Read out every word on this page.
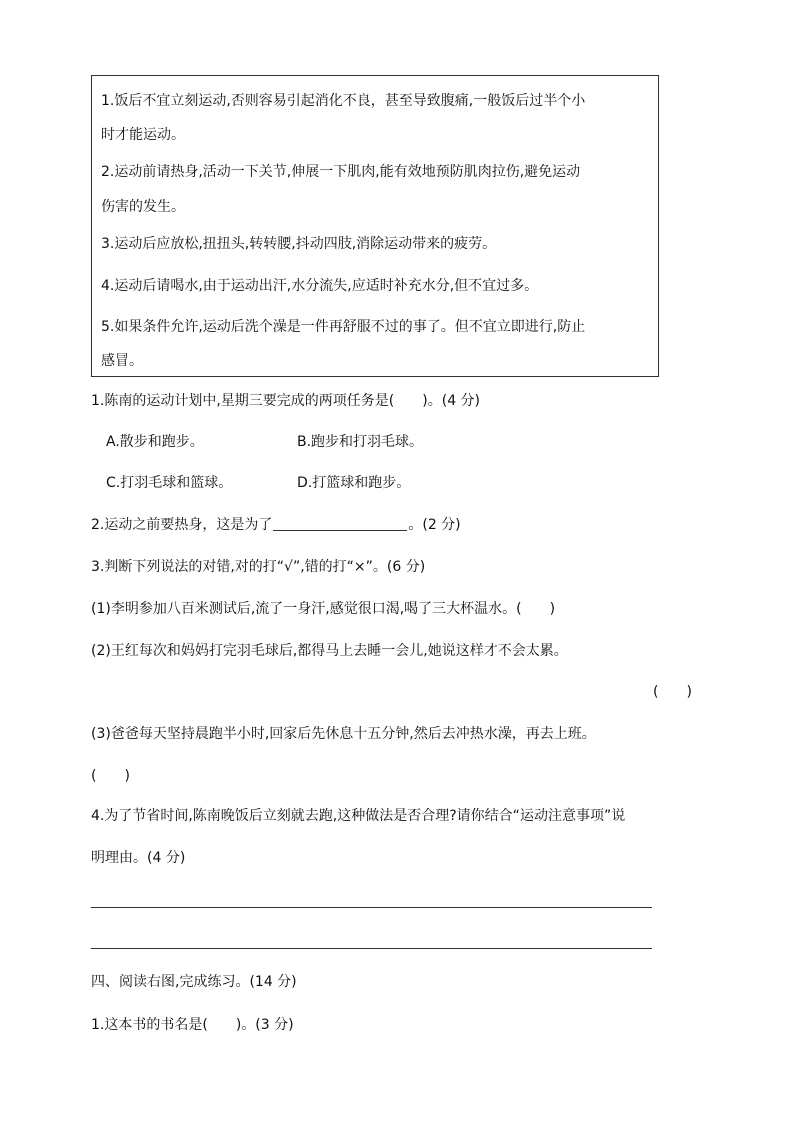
1.饭后不宜立刻运动,否则容易引起消化不良，甚至导致腹痛,一般饭后过半个小
时才能运动。
2.运动前请热身,活动一下关节,伸展一下肌肉,能有效地预防肌肉拉伤,避免运动
伤害的发生。
3.运动后应放松,扭扭头,转转腰,抖动四肢,消除运动带来的疲劳。
4.运动后请喝水,由于运动出汗,水分流失,应适时补充水分,但不宜过多。
5.如果条件允许,运动后洗个澡是一件再舒服不过的事了。但不宜立即进行,防止
感冒。
1.陈南的运动计划中,星期三要完成的两项任务是(　　)。(4 分)
A.散步和跑步。	B.跑步和打羽毛球。
C.打羽毛球和篮球。	D.打篮球和跑步。
2.运动之前要热身，这是为了	。(2 分)
3.判断下列说法的对错,对的打“√”,错的打“×”。(6 分)
(1)李明参加八百米测试后,流了一身汗,感觉很口渴,喝了三大杯温水。(　　)
(2)王红每次和妈妈打完羽毛球后,都得马上去睡一会儿,她说这样才不会太累。
(　　)
(3)爸爸每天坚持晨跑半小时,回家后先休息十五分钟,然后去冲热水澡，再去上班。
(　　)
4.为了节省时间,陈南晚饭后立刻就去跑,这种做法是否合理?请你结合“运动注意事项”说
明理由。(4 分)
四、阅读右图,完成练习。(14 分)
1.这本书的书名是(　　)。(3 分)
